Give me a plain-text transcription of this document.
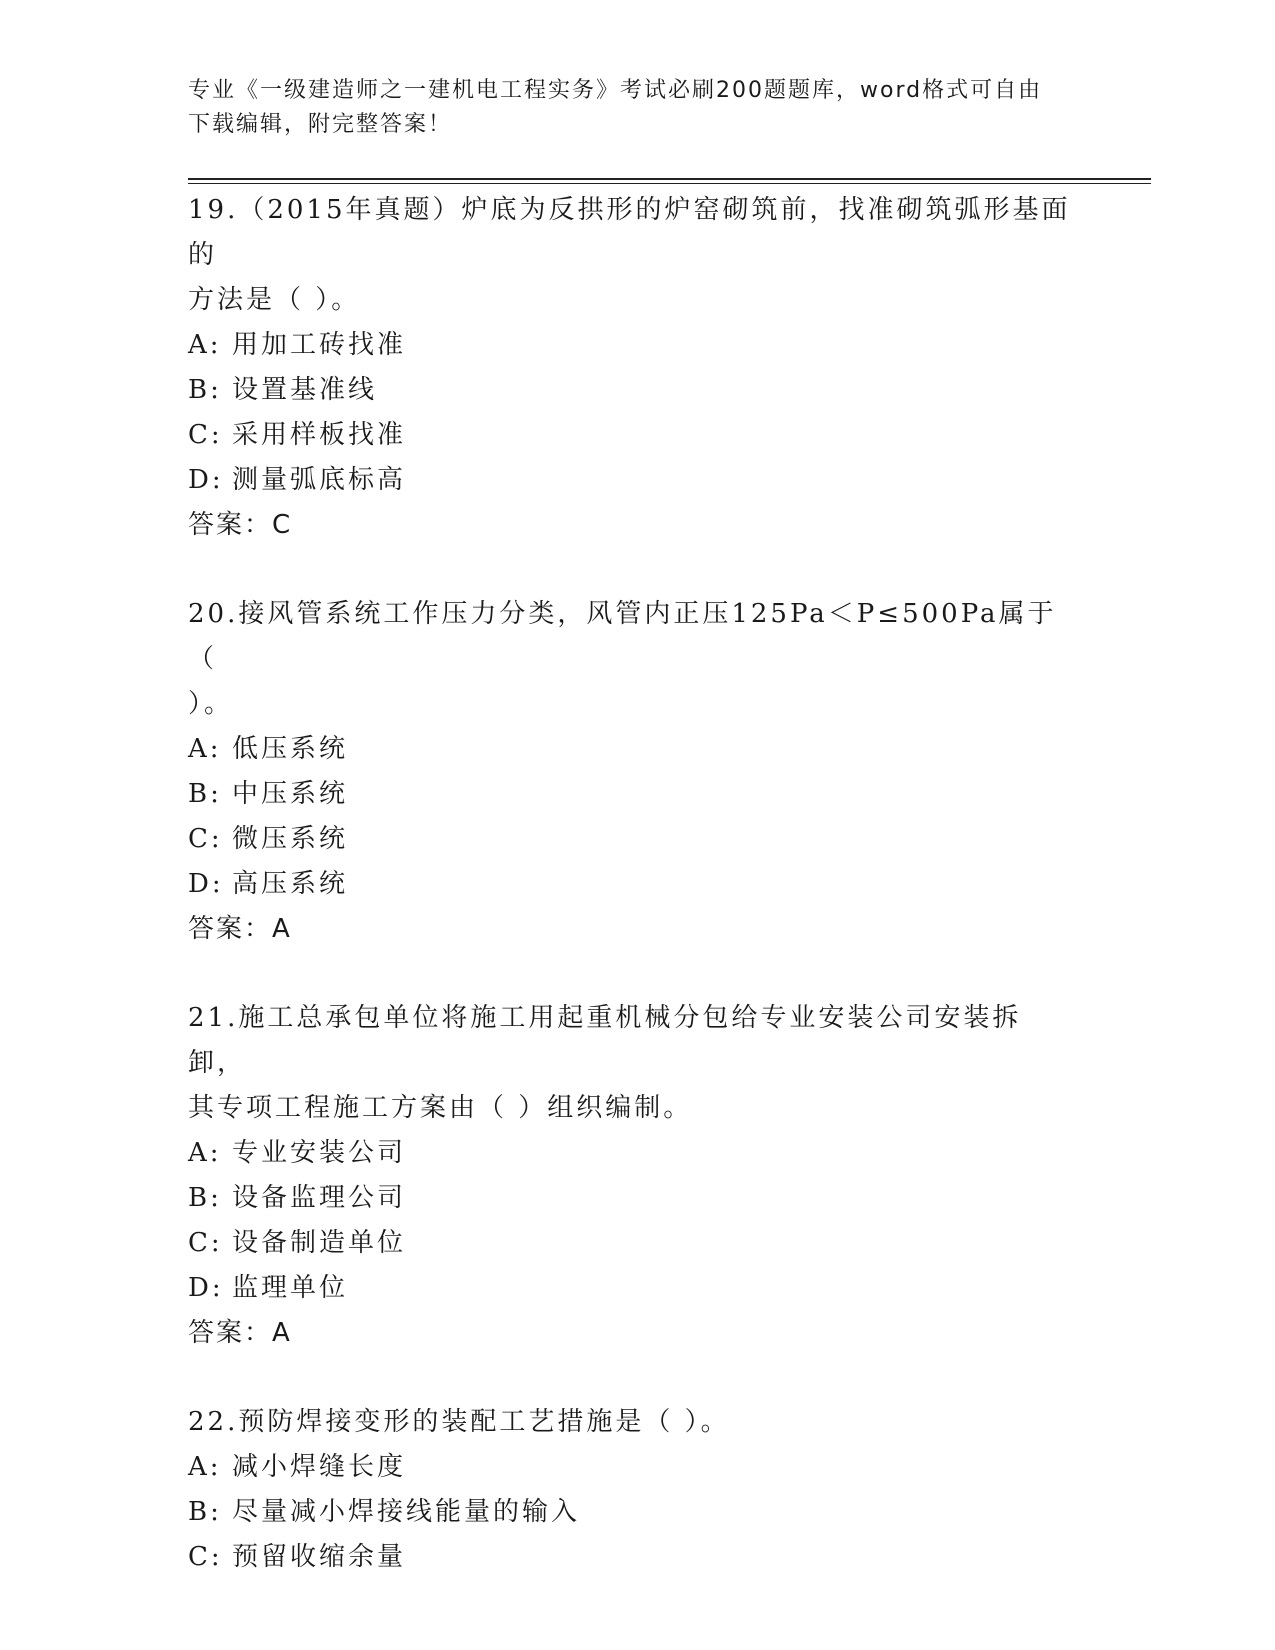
专业《一级建造师之一建机电工程实务》考试必刷200题题库，word格式可自由
下载编辑，附完整答案！

19.（2015年真题）炉底为反拱形的炉窑砌筑前，找准砌筑弧形基面的
方法是（ ）。

A: 用加工砖找准

B: 设置基准线

C: 采用样板找准

D: 测量弧底标高

答案：C

20.接风管系统工作压力分类，风管内正压125Pa＜P≤500Pa属于（
）。

A: 低压系统

B: 中压系统

C: 微压系统

D: 高压系统

答案：A

21.施工总承包单位将施工用起重机械分包给专业安装公司安装拆卸，
其专项工程施工方案由（ ）组织编制。

A: 专业安装公司

B: 设备监理公司

C: 设备制造单位

D: 监理单位

答案：A

22.预防焊接变形的装配工艺措施是（ ）。

A: 减小焊缝长度

B: 尽量减小焊接线能量的输入

C: 预留收缩余量
